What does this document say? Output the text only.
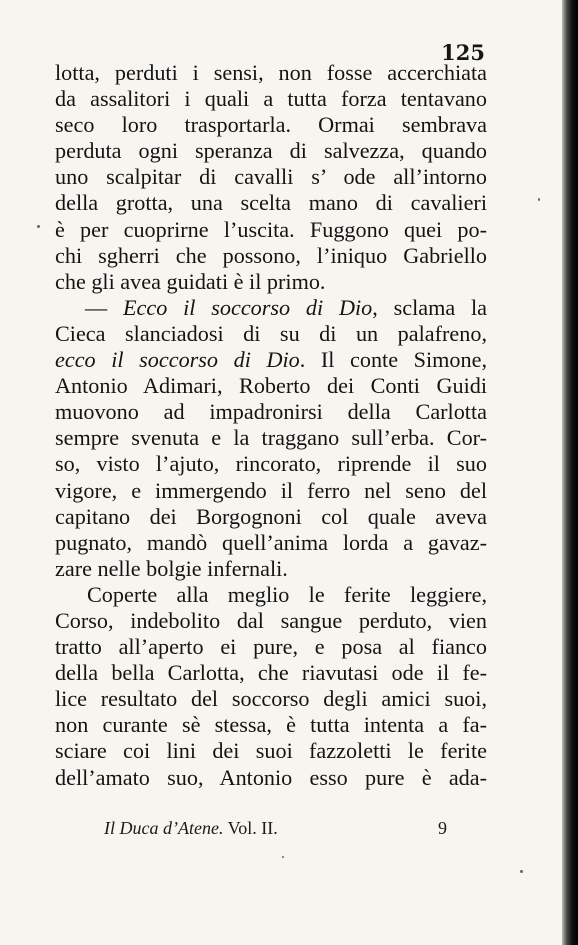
125
lotta, perduti i sensi, non fosse accerchiata
da assalitori i quali a tutta forza tentavano
seco loro trasportarla. Ormai sembrava
perduta ogni speranza di salvezza, quando
uno scalpitar di cavalli s’ ode all’intorno
della grotta, una scelta mano di cavalieri
è per cuoprirne l’uscita. Fuggono quei po-
chi sgherri che possono, l’iniquo Gabriello
che gli avea guidati è il primo.
— Ecco il soccorso di Dio, sclama la
Cieca slanciadosi di su di un palafreno,
ecco il soccorso di Dio. Il conte Simone,
Antonio Adimari, Roberto dei Conti Guidi
muovono ad impadronirsi della Carlotta
sempre svenuta e la traggano sull’erba. Cor-
so, visto l’ajuto, rincorato, riprende il suo
vigore, e immergendo il ferro nel seno del
capitano dei Borgognoni col quale aveva
pugnato, mandò quell’anima lorda a gavaz-
zare nelle bolgie infernali.
Coperte alla meglio le ferite leggiere,
Corso, indebolito dal sangue perduto, vien
tratto all’aperto ei pure, e posa al fianco
della bella Carlotta, che riavutasi ode il fe-
lice resultato del soccorso degli amici suoi,
non curante sè stessa, è tutta intenta a fa-
sciare coi lini dei suoi fazzoletti le ferite
dell’amato suo, Antonio esso pure è ada-
Il Duca d’Atene. Vol. II.	9
